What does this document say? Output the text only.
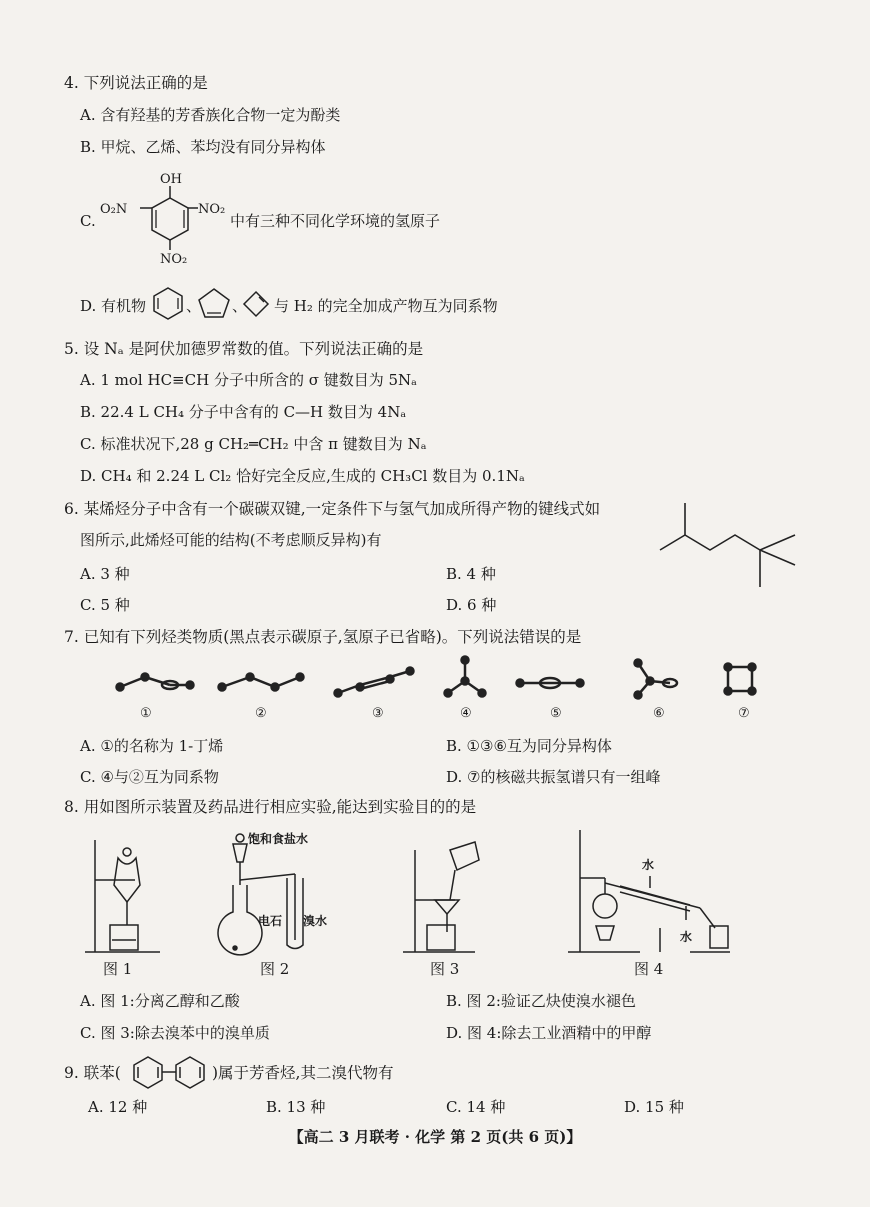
4. 下列说法正确的是
A. 含有羟基的芳香族化合物一定为酚类
B. 甲烷、乙烯、苯均没有同分异构体
C.
OH
O₂N	NO₂
NO₂
中有三种不同化学环境的氢原子
D. 有机物	、 、 与 H₂ 的完全加成产物互为同系物
5. 设 Nₐ 是阿伏加德罗常数的值。下列说法正确的是
A. 1 mol HC≡CH 分子中所含的 σ 键数目为 5Nₐ
B. 22.4 L CH₄ 分子中含有的 C—H 数目为 4Nₐ
C. 标准状况下,28 g CH₂═CH₂ 中含 π 键数目为 Nₐ
D. CH₄ 和 2.24 L Cl₂ 恰好完全反应,生成的 CH₃Cl 数目为 0.1Nₐ
6. 某烯烃分子中含有一个碳碳双键,一定条件下与氢气加成所得产物的键线式如
图所示,此烯烃可能的结构(不考虑顺反异构)有
A. 3 种	B. 4 种
C. 5 种	D. 6 种
7. 已知有下列烃类物质(黑点表示碳原子,氢原子已省略)。下列说法错误的是
①	②	③	④	⑤	⑥	⑦
A. ①的名称为 1-丁烯	B. ①③⑥互为同分异构体
C. ④与②互为同系物	D. ⑦的核磁共振氢谱只有一组峰
8. 用如图所示装置及药品进行相应实验,能达到实验目的的是
饱和食盐水
电石 溴水
水
水
图 1	图 2	图 3	图 4
A. 图 1:分离乙醇和乙酸	B. 图 2:验证乙炔使溴水褪色
C. 图 3:除去溴苯中的溴单质	D. 图 4:除去工业酒精中的甲醇
9. 联苯(	)属于芳香烃,其二溴代物有
A. 12 种	B. 13 种	C. 14 种	D. 15 种
【高二 3 月联考 · 化学 第 2 页(共 6 页)】
